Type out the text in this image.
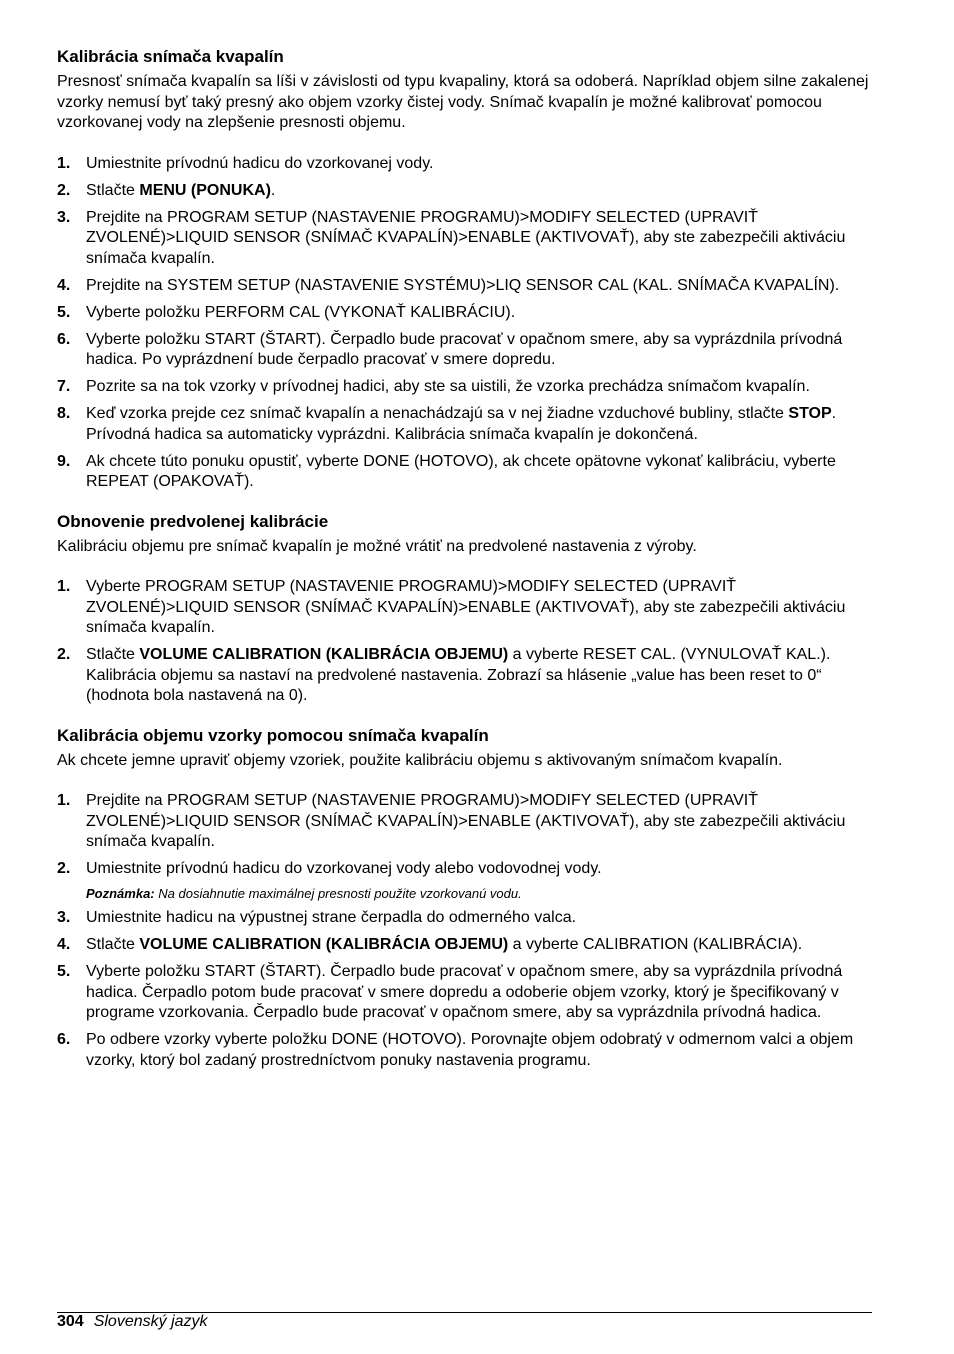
Kalibrácia snímača kvapalín

Presnosť snímača kvapalín sa líši v závislosti od typu kvapaliny, ktorá sa odoberá. Napríklad objem silne zakalenej vzorky nemusí byť taký presný ako objem vzorky čistej vody. Snímač kvapalín je možné kalibrovať pomocou vzorkovanej vody na zlepšenie presnosti objemu.

1. Umiestnite prívodnú hadicu do vzorkovanej vody.
2. Stlačte MENU (PONUKA).
3. Prejdite na PROGRAM SETUP (NASTAVENIE PROGRAMU)>MODIFY SELECTED (UPRAVIŤ ZVOLENÉ)>LIQUID SENSOR (SNÍMAČ KVAPALÍN)>ENABLE (AKTIVOVAŤ), aby ste zabezpečili aktiváciu snímača kvapalín.
4. Prejdite na SYSTEM SETUP (NASTAVENIE SYSTÉMU)>LIQ SENSOR CAL (KAL. SNÍMAČA KVAPALÍN).
5. Vyberte položku PERFORM CAL (VYKONAŤ KALIBRÁCIU).
6. Vyberte položku START (ŠTART). Čerpadlo bude pracovať v opačnom smere, aby sa vyprázdnila prívodná hadica. Po vyprázdnení bude čerpadlo pracovať v smere dopredu.
7. Pozrite sa na tok vzorky v prívodnej hadici, aby ste sa uistili, že vzorka prechádza snímačom kvapalín.
8. Keď vzorka prejde cez snímač kvapalín a nenachádzajú sa v nej žiadne vzduchové bubliny, stlačte STOP. Prívodná hadica sa automaticky vyprázdni. Kalibrácia snímača kvapalín je dokončená.
9. Ak chcete túto ponuku opustiť, vyberte DONE (HOTOVO), ak chcete opätovne vykonať kalibráciu, vyberte REPEAT (OPAKOVAŤ).
Obnovenie predvolenej kalibrácie

Kalibráciu objemu pre snímač kvapalín je možné vrátiť na predvolené nastavenia z výroby.

1. Vyberte PROGRAM SETUP (NASTAVENIE PROGRAMU)>MODIFY SELECTED (UPRAVIŤ ZVOLENÉ)>LIQUID SENSOR (SNÍMAČ KVAPALÍN)>ENABLE (AKTIVOVAŤ), aby ste zabezpečili aktiváciu snímača kvapalín.
2. Stlačte VOLUME CALIBRATION (KALIBRÁCIA OBJEMU) a vyberte RESET CAL. (VYNULOVAŤ KAL.). Kalibrácia objemu sa nastaví na predvolené nastavenia. Zobrazí sa hlásenie „value has been reset to 0“ (hodnota bola nastavená na 0).
Kalibrácia objemu vzorky pomocou snímača kvapalín

Ak chcete jemne upraviť objemy vzoriek, použite kalibráciu objemu s aktivovaným snímačom kvapalín.

1. Prejdite na PROGRAM SETUP (NASTAVENIE PROGRAMU)>MODIFY SELECTED (UPRAVIŤ ZVOLENÉ)>LIQUID SENSOR (SNÍMAČ KVAPALÍN)>ENABLE (AKTIVOVAŤ), aby ste zabezpečili aktiváciu snímača kvapalín.
2. Umiestnite prívodnú hadicu do vzorkovanej vody alebo vodovodnej vody.
Poznámka: Na dosiahnutie maximálnej presnosti použite vzorkovanú vodu.
3. Umiestnite hadicu na výpustnej strane čerpadla do odmerného valca.
4. Stlačte VOLUME CALIBRATION (KALIBRÁCIA OBJEMU) a vyberte CALIBRATION (KALIBRÁCIA).
5. Vyberte položku START (ŠTART). Čerpadlo bude pracovať v opačnom smere, aby sa vyprázdnila prívodná hadica. Čerpadlo potom bude pracovať v smere dopredu a odoberie objem vzorky, ktorý je špecifikovaný v programe vzorkovania. Čerpadlo bude pracovať v opačnom smere, aby sa vyprázdnila prívodná hadica.
6. Po odbere vzorky vyberte položku DONE (HOTOVO). Porovnajte objem odobratý v odmernom valci a objem vzorky, ktorý bol zadaný prostredníctvom ponuky nastavenia programu.
304 Slovenský jazyk
